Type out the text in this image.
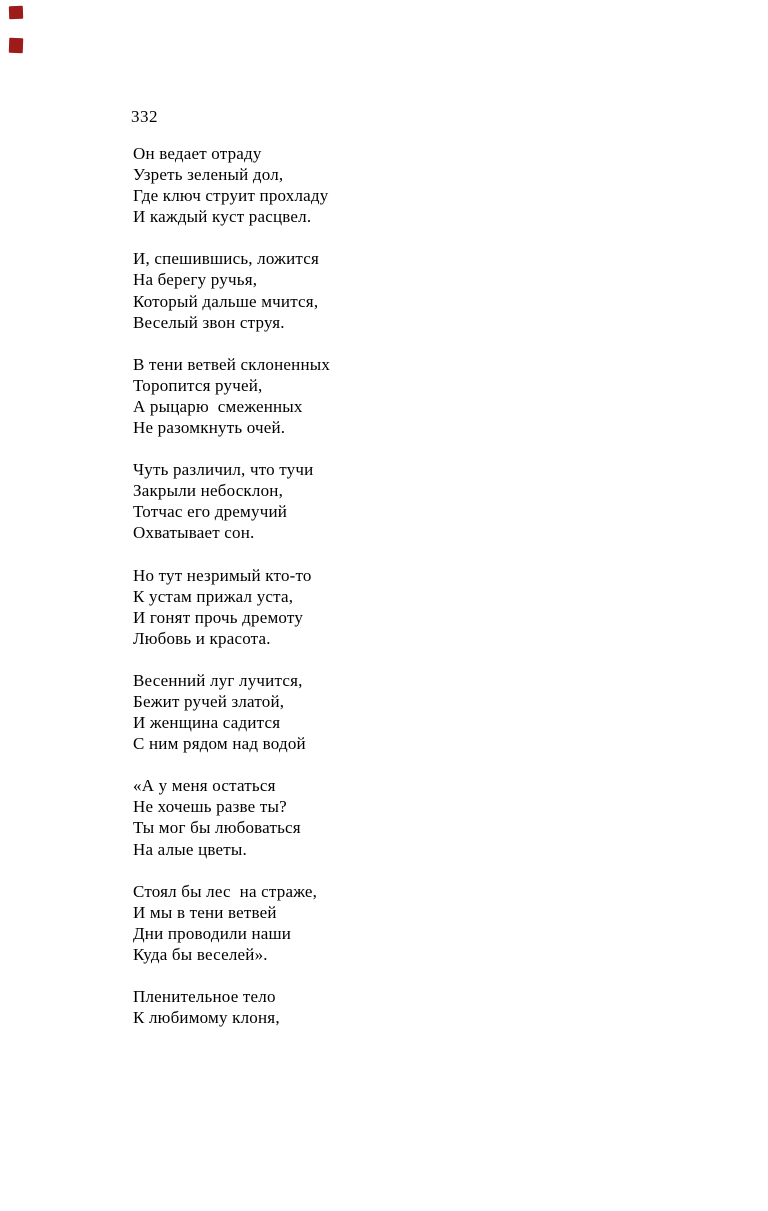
332
Он ведает отраду
Узреть зеленый дол,
Где ключ струит прохладу
И каждый куст расцвел.
И, спешившись, ложится
На берегу ручья,
Который дальше мчится,
Веселый звон струя.
В тени ветвей склоненных
Торопится ручей,
А рыцарю  смеженных
Не разомкнуть очей.
Чуть различил, что тучи
Закрыли небосклон,
Тотчас его дремучий
Охватывает сон.
Но тут незримый кто-то
К устам прижал уста,
И гонят прочь дремоту
Любовь и красота.
Весенний луг лучится,
Бежит ручей златой,
И женщина садится
С ним рядом над водой
«А у меня остаться
Не хочешь разве ты?
Ты мог бы любоваться
На алые цветы.
Стоял бы лес  на страже,
И мы в тени ветвей
Дни проводили наши
Куда бы веселей».
Пленительное тело
К любимому клоня,
